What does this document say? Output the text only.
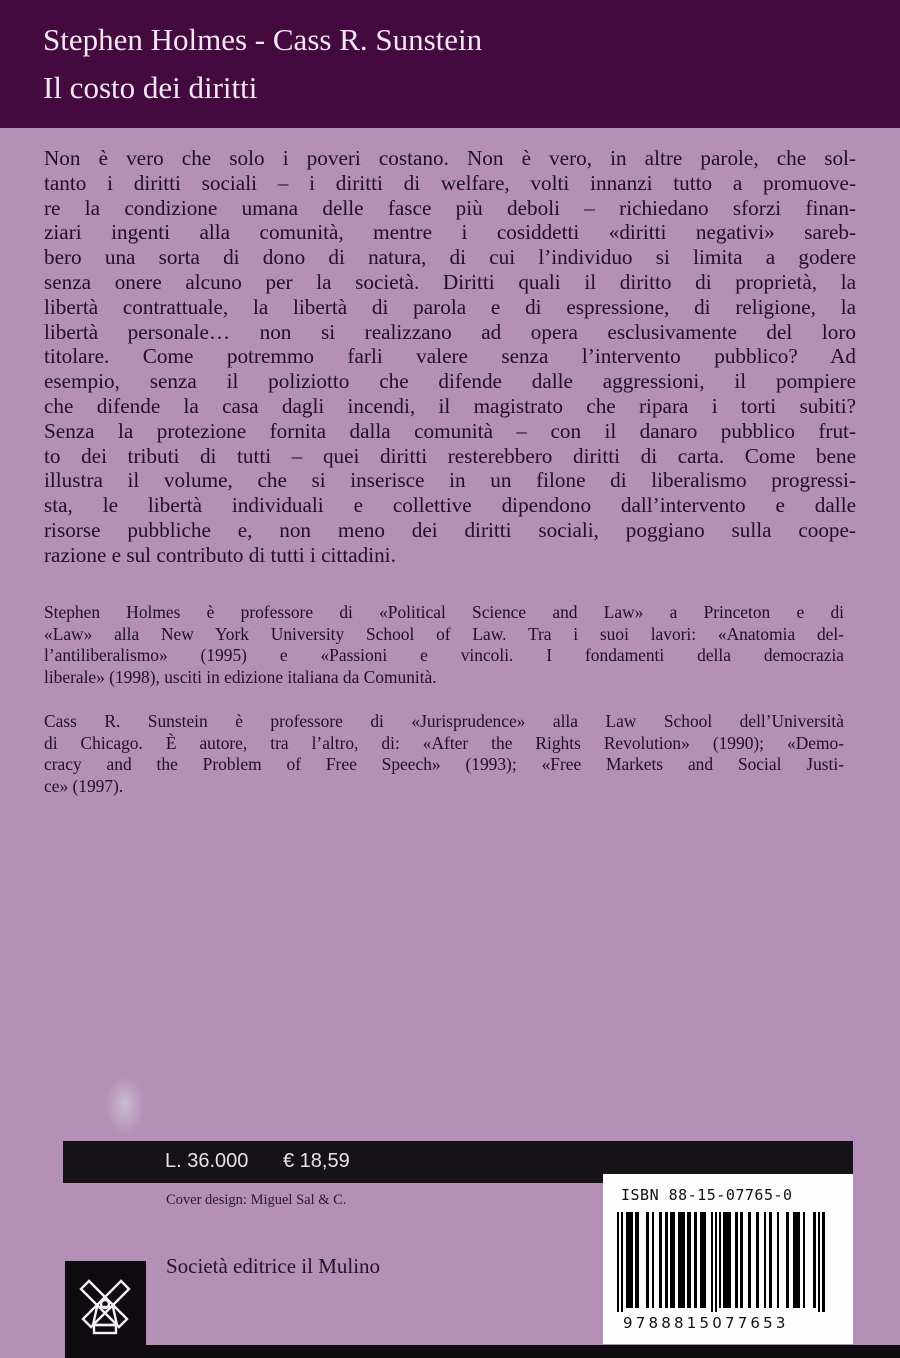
Stephen Holmes - Cass R. Sunstein
Il costo dei diritti
Non è vero che solo i poveri costano. Non è vero, in altre parole, che sol-
tanto i diritti sociali – i diritti di welfare, volti innanzi tutto a promuove-
re la condizione umana delle fasce più deboli – richiedano sforzi finan-
ziari ingenti alla comunità, mentre i cosiddetti «diritti negativi» sareb-
bero una sorta di dono di natura, di cui l’individuo si limita a godere
senza onere alcuno per la società. Diritti quali il diritto di proprietà, la
libertà contrattuale, la libertà di parola e di espressione, di religione, la
libertà personale… non si realizzano ad opera esclusivamente del loro
titolare. Come potremmo farli valere senza l’intervento pubblico? Ad
esempio, senza il poliziotto che difende dalle aggressioni, il pompiere
che difende la casa dagli incendi, il magistrato che ripara i torti subiti?
Senza la protezione fornita dalla comunità – con il danaro pubblico frut-
to dei tributi di tutti – quei diritti resterebbero diritti di carta. Come bene
illustra il volume, che si inserisce in un filone di liberalismo progressi-
sta, le libertà individuali e collettive dipendono dall’intervento e dalle
risorse pubbliche e, non meno dei diritti sociali, poggiano sulla coope-
razione e sul contributo di tutti i cittadini.
Stephen Holmes è professore di «Political Science and Law» a Princeton e di
«Law» alla New York University School of Law. Tra i suoi lavori: «Anatomia del-
l’antiliberalismo» (1995) e «Passioni e vincoli. I fondamenti della democrazia
liberale» (1998), usciti in edizione italiana da Comunità.
Cass R. Sunstein è professore di «Jurisprudence» alla Law School dell’Università
di Chicago. È autore, tra l’altro, di: «After the Rights Revolution» (1990); «Demo-
cracy and the Problem of Free Speech» (1993); «Free Markets and Social Justi-
ce» (1997).
L. 36.000 € 18,59
Cover design: Miguel Sal & C.
Società editrice il Mulino
ISBN 88-15-07765-0
9788815077653
